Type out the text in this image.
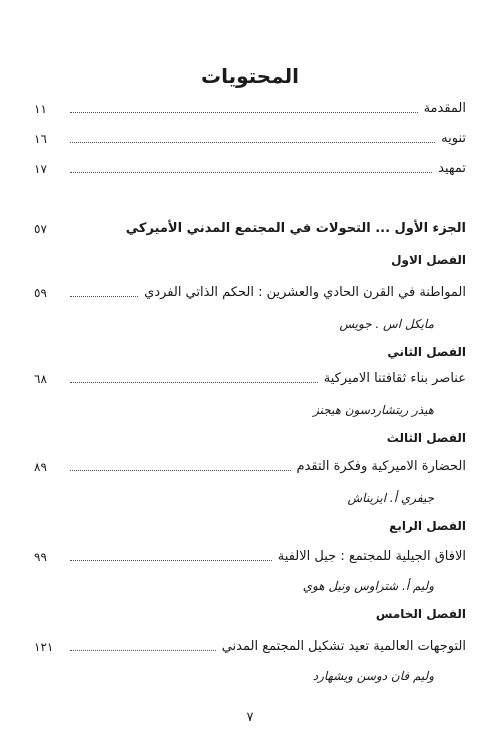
المحتويات
المقدمة
١١
تنويه
١٦
تمهيد
١٧
الجزء الأول ... التحولات في المجتمع المدني الأميركي
٥٧
الفصل الاول
المواطنة في القرن الحادي والعشرين : الحكم الذاتي الفردي
٥٩
مايكل اس . جويس
الفصل الثاني
عناصر بناء ثقافتنا الاميركية
٦٨
هيذر ريتشاردسون هيجنز
الفصل الثالث
الحضارة الاميركية وفكرة التقدم
٨٩
جيفري أ. ايزيناش
الفصل الرابع
الافاق الجيلية للمجتمع : جيل الالفية
٩٩
وليم أ. شتراوس ونيل هوي
الفصل الخامس
التوجهات العالمية تعيد تشكيل المجتمع المدني
١٢١
وليم فان دوسن ويشهارد
٧
